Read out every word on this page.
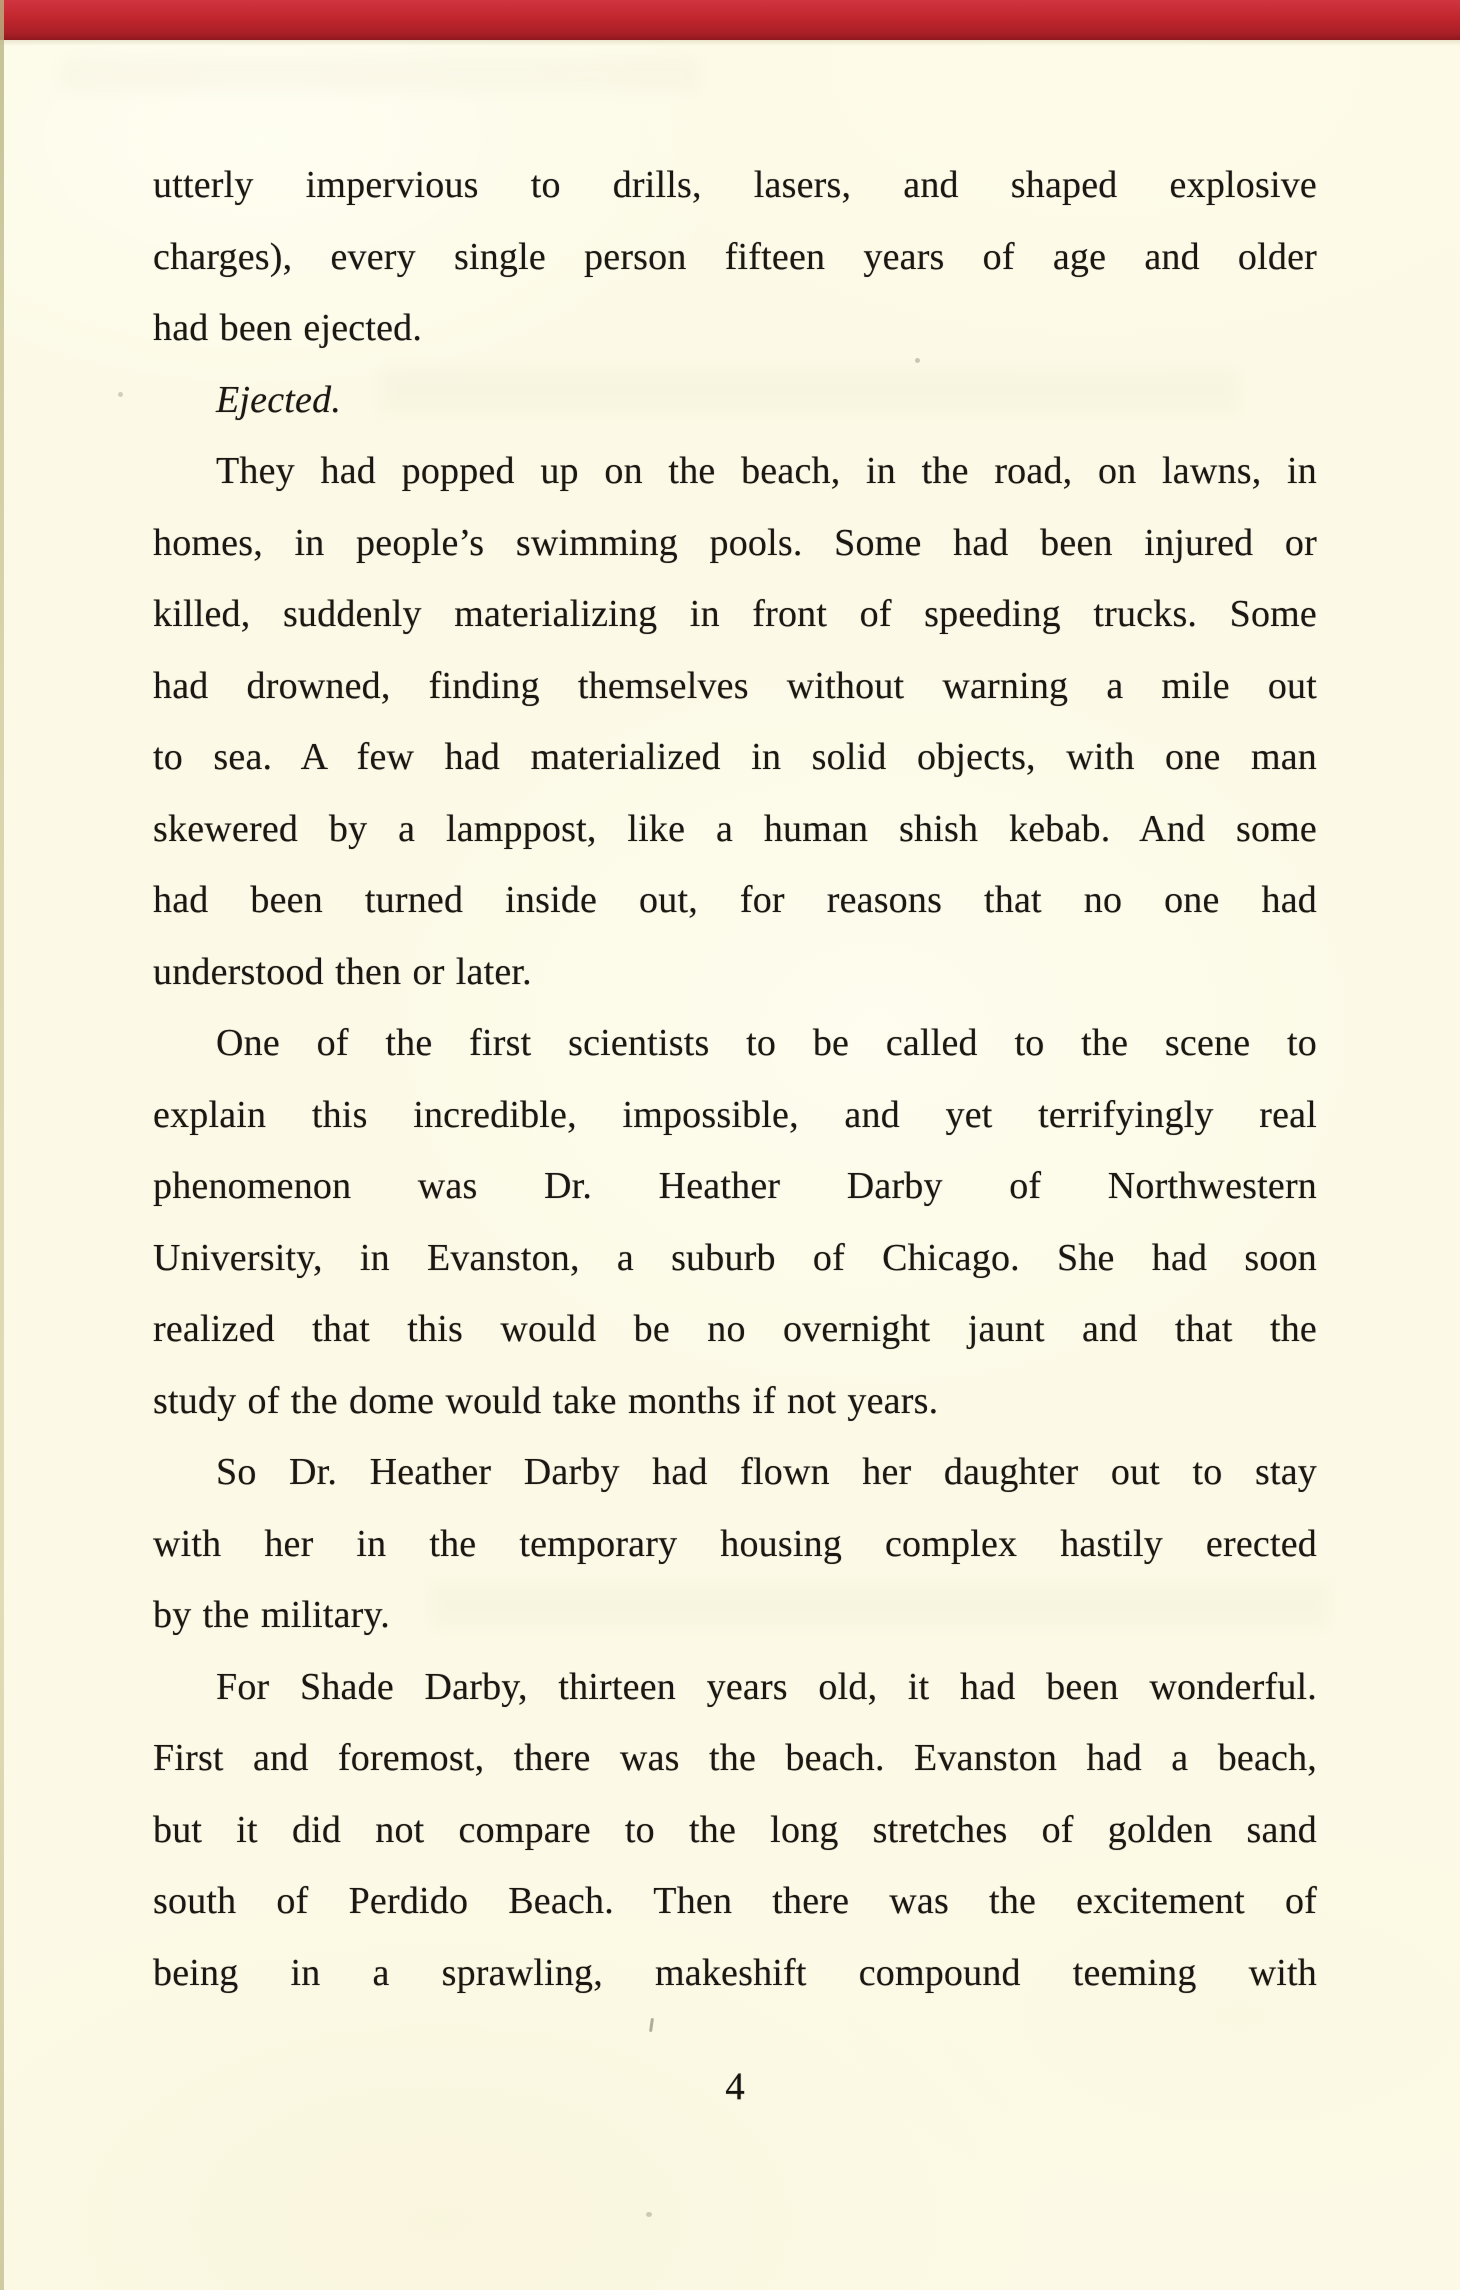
utterly impervious to drills, lasers, and shaped explosive
charges), every single person fifteen years of age and older
had been ejected.
Ejected.
They had popped up on the beach, in the road, on lawns, in
homes, in people’s swimming pools. Some had been injured or
killed, suddenly materializing in front of speeding trucks. Some
had drowned, finding themselves without warning a mile out
to sea. A few had materialized in solid objects, with one man
skewered by a lamppost, like a human shish kebab. And some
had been turned inside out, for reasons that no one had
understood then or later.
One of the first scientists to be called to the scene to
explain this incredible, impossible, and yet terrifyingly real
phenomenon was Dr. Heather Darby of Northwestern
University, in Evanston, a suburb of Chicago. She had soon
realized that this would be no overnight jaunt and that the
study of the dome would take months if not years.
So Dr. Heather Darby had flown her daughter out to stay
with her in the temporary housing complex hastily erected
by the military.
For Shade Darby, thirteen years old, it had been wonderful.
First and foremost, there was the beach. Evanston had a beach,
but it did not compare to the long stretches of golden sand
south of Perdido Beach. Then there was the excitement of
being in a sprawling, makeshift compound teeming with
4
